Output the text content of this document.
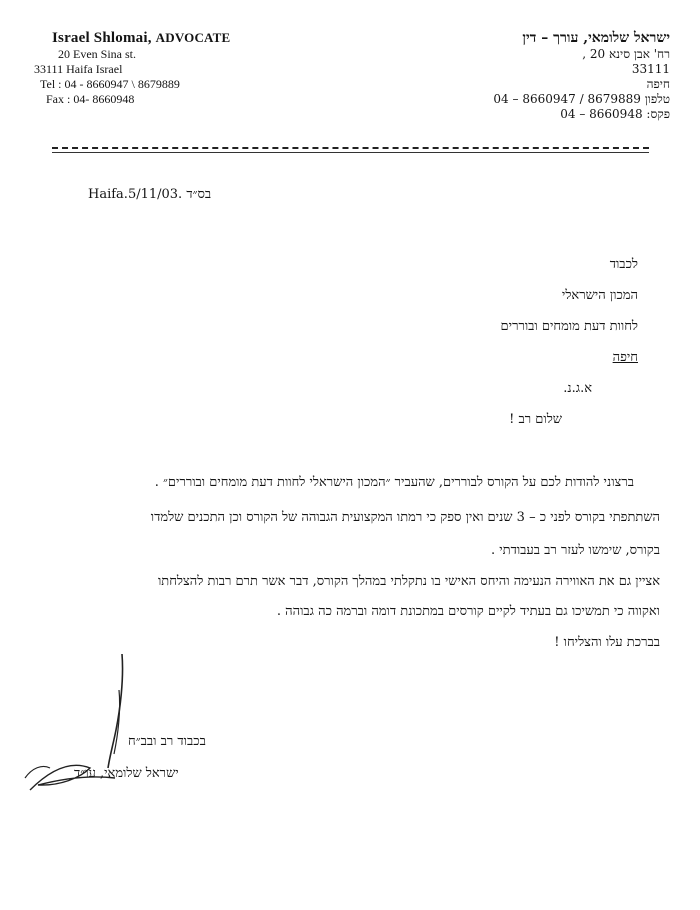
Israel Shlomai, ADVOCATE
20 Even Sina st.
33111 Haifa Israel
Tel : 04 - 8660947 \ 8679889
Fax : 04- 8660948
ישראל שלומאי, עורך – דין
רח' אבן סינא 20 ,
33111
חיפה
טלפון 8679889 / 8660947 – 04
פקס: 8660948 – 04
Haifa.5/11/03. בס״ד
לכבוד
המכון הישראלי
לחוות דעת מומחים ובוררים
חיפה
א.ג.נ.
שלום רב !
ברצוני להודות לכם על הקורס לבוררים, שהעביר ״המכון הישראלי לחוות דעת מומחים ובוררים״ .
השתתפתי בקורס לפני כ – 3 שנים ואין ספק כי רמתו המקצועית הגבוהה של הקורס וכן התכנים שלמדו
בקורס, שימשו לעזר רב בעבודתי .
אציין גם את האווירה הנעימה והיחס האישי בו נתקלתי במהלך הקורס, דבר אשר תרם רבות להצלחתו
ואקווה כי תמשיכו גם בעתיד לקיים קורסים במתכונת דומה וברמה כה גבוהה .
בברכת עלו והצליחו !
בכבוד רב ובב״ח
ישראל שלומאי, עו״ד
